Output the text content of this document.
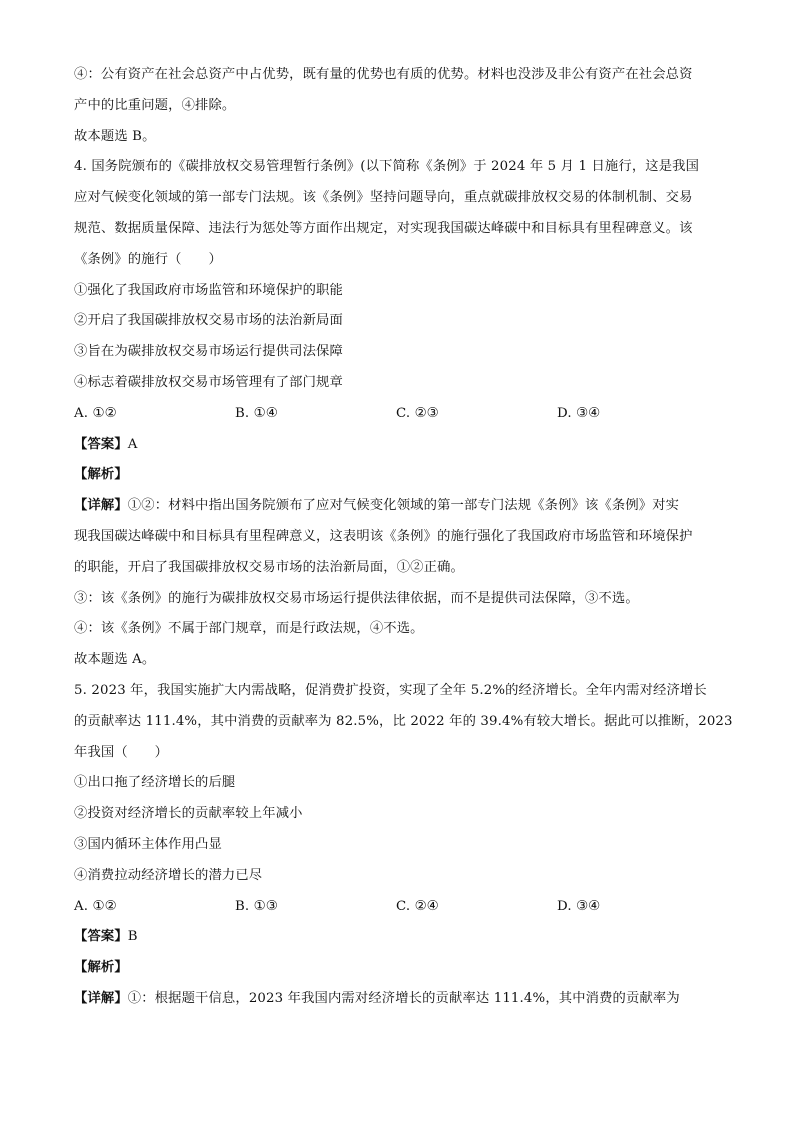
④：公有资产在社会总资产中占优势，既有量的优势也有质的优势。材料也没涉及非公有资产在社会总资
产中的比重问题，④排除。
故本题选 B。
4. 国务院颁布的《碳排放权交易管理暂行条例》(以下简称《条例》于 2024 年 5 月 1 日施行，这是我国
应对气候变化领域的第一部专门法规。该《条例》坚持问题导向，重点就碳排放权交易的体制机制、交易
规范、数据质量保障、违法行为惩处等方面作出规定，对实现我国碳达峰碳中和目标具有里程碑意义。该
《条例》的施行（　　）
①强化了我国政府市场监管和环境保护的职能
②开启了我国碳排放权交易市场的法治新局面
③旨在为碳排放权交易市场运行提供司法保障
④标志着碳排放权交易市场管理有了部门规章
A. ①②	B. ①④	C. ②③	D. ③④
【答案】A
【解析】
【详解】①②：材料中指出国务院颁布了应对气候变化领域的第一部专门法规《条例》该《条例》对实
现我国碳达峰碳中和目标具有里程碑意义，这表明该《条例》的施行强化了我国政府市场监管和环境保护
的职能，开启了我国碳排放权交易市场的法治新局面，①②正确。
③：该《条例》的施行为碳排放权交易市场运行提供法律依据，而不是提供司法保障，③不选。
④：该《条例》不属于部门规章，而是行政法规，④不选。
故本题选 A。
5. 2023 年，我国实施扩大内需战略，促消费扩投资，实现了全年 5.2%的经济增长。全年内需对经济增长
的贡献率达 111.4%，其中消费的贡献率为 82.5%，比 2022 年的 39.4%有较大增长。据此可以推断，2023
年我国（　　）
①出口拖了经济增长的后腿
②投资对经济增长的贡献率较上年减小
③国内循环主体作用凸显
④消费拉动经济增长的潜力已尽
A. ①②	B. ①③	C. ②④	D. ③④
【答案】B
【解析】
【详解】①：根据题干信息，2023 年我国内需对经济增长的贡献率达 111.4%，其中消费的贡献率为
